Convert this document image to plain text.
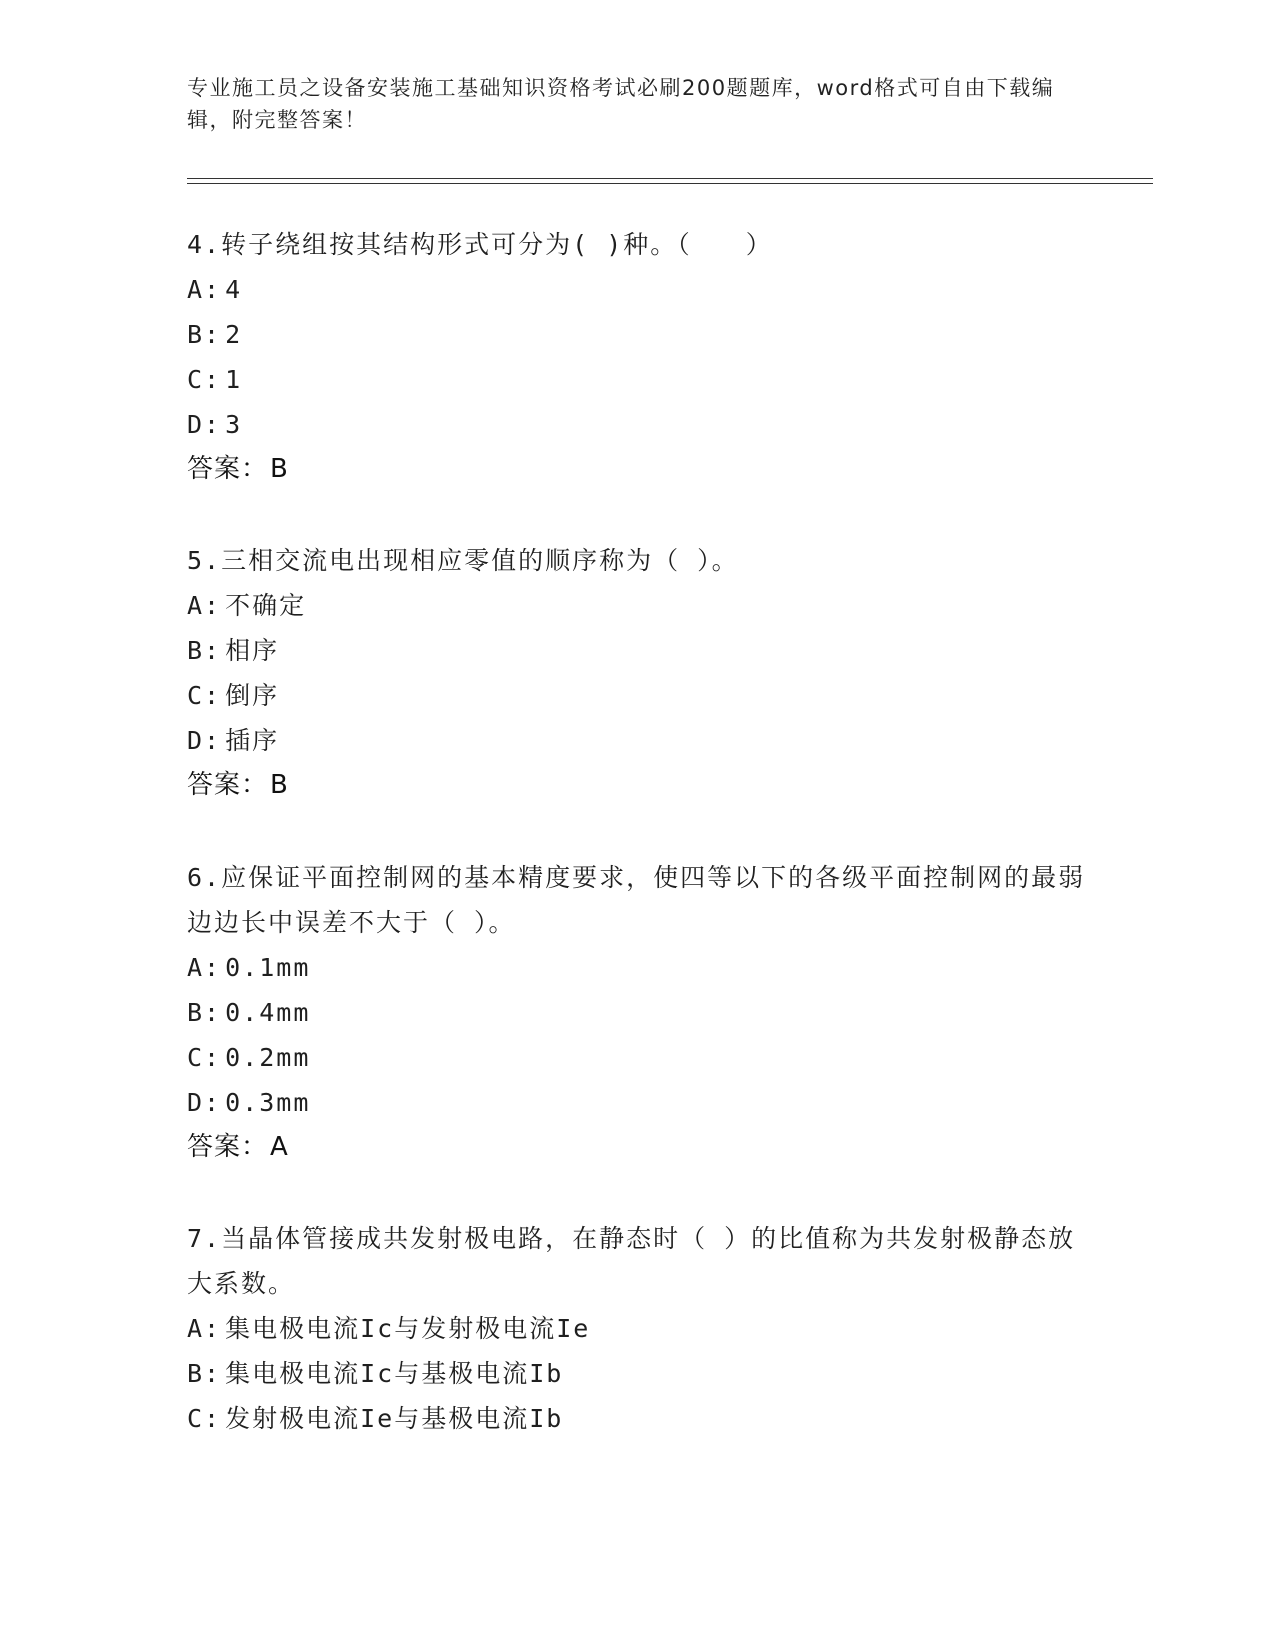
专业施工员之设备安装施工基础知识资格考试必刷200题题库，word格式可自由下载编辑，附完整答案！

4.转子绕组按其结构形式可分为( )种。（　　）

A: 4
B: 2
C: 1
D: 3
答案：B

5.三相交流电出现相应零值的顺序称为（ ）。

A: 不确定
B: 相序
C: 倒序
D: 插序
答案：B

6.应保证平面控制网的基本精度要求，使四等以下的各级平面控制网的最弱边边长中误差不大于（ ）。

A: 0.1mm
B: 0.4mm
C: 0.2mm
D: 0.3mm
答案：A

7.当晶体管接成共发射极电路，在静态时（ ）的比值称为共发射极静态放大系数。

A: 集电极电流Ic与发射极电流Ie
B: 集电极电流Ic与基极电流Ib
C: 发射极电流Ie与基极电流Ib
